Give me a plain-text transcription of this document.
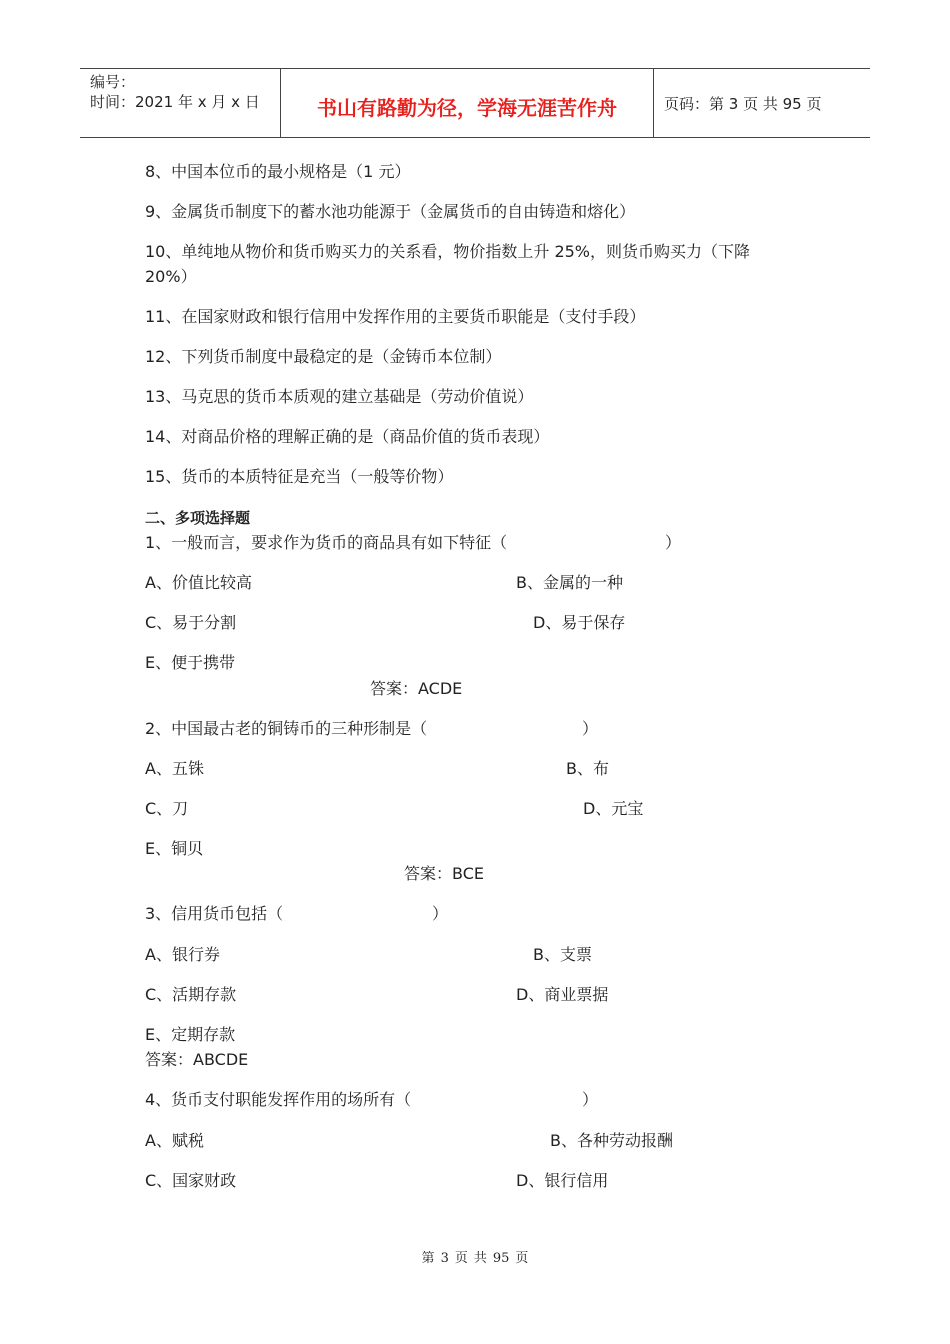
编号：
时间：2021 年 x 月 x 日	书山有路勤为径，学海无涯苦作舟	页码：第 3 页 共 95 页
8、中国本位币的最小规格是（1 元）
9、金属货币制度下的蓄水池功能源于（金属货币的自由铸造和熔化）
10、单纯地从物价和货币购买力的关系看，物价指数上升 25%，则货币购买力（下降 20%）
11、在国家财政和银行信用中发挥作用的主要货币职能是（支付手段）
12、下列货币制度中最稳定的是（金铸币本位制）
13、马克思的货币本质观的建立基础是（劳动价值说）
14、对商品价格的理解正确的是（商品价值的货币表现）
15、货币的本质特征是充当（一般等价物）
二、多项选择题
1、一般而言，要求作为货币的商品具有如下特征（	）
A、价值比较高	B、金属的一种
C、易于分割	D、易于保存
E、便于携带
答案：ACDE
2、中国最古老的铜铸币的三种形制是（	）
A、五铢	B、布
C、刀	D、元宝
E、铜贝
答案：BCE
3、信用货币包括（	）
A、银行券	B、支票
C、活期存款	D、商业票据
E、定期存款
答案：ABCDE
4、货币支付职能发挥作用的场所有（	）
A、赋税	B、各种劳动报酬
C、国家财政	D、银行信用
第 3 页 共 95 页
